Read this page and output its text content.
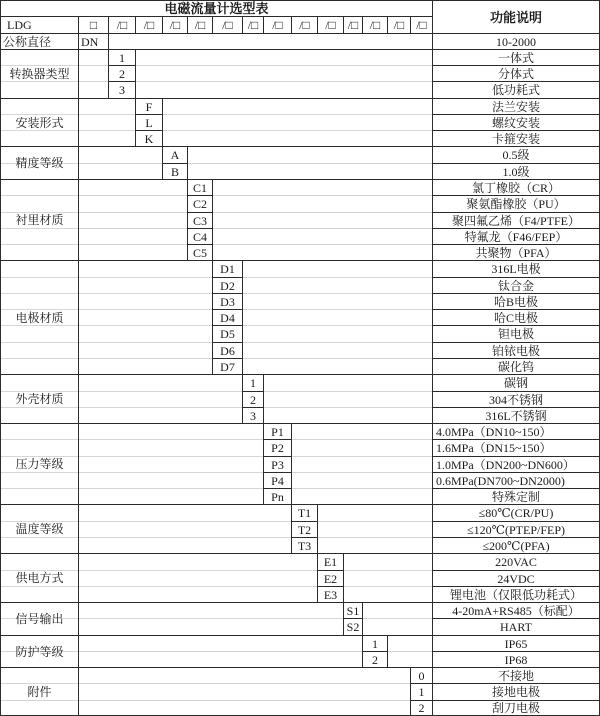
电磁流量计选型表
功能说明
LDG	□	/□	/□	/□	/□	/□	/□	/□	/□	/□ /□ /□	/□ /□
公称直径	DN	10-2000
转换器类型
1	一体式
2	分体式
3	低功耗式
安装形式
F	法兰安装
L	螺纹安装
K	卡箍安装
精度等级
A	0.5级
B	1.0级
衬里材质
C1	氯丁橡胶（CR）
C2	聚氨酯橡胶（PU）
C3	聚四氟乙烯（F4/PTFE）
C4	特氟龙（F46/FEP）
C5	共聚物（PFA）
电极材质
D1	316L电极
D2	钛合金
D3	哈B电极
D4	哈C电极
D5	钽电极
D6	铂铱电极
D7	碳化钨
外壳材质
1	碳钢
2	304不锈钢
3	316L不锈钢
压力等级
P1	4.0MPa（DN10~150）
P2	1.6MPa（DN15~150）
P3	1.0MPa（DN200~DN600）
P4	0.6MPa(DN700~DN2000)
Pn	特殊定制
温度等级
T1	≤80℃(CR/PU)
T2	≤120℃(PTEP/FEP)
T3	≤200℃(PFA)
供电方式
E1	220VAC
E2	24VDC
E3	锂电池（仅限低功耗式）
信号输出
S1	4-20mA+RS485（标配）
S2	HART
防护等级
1	IP65
2	IP68
附件
0	不接地
1	接地电极
2	刮刀电极
